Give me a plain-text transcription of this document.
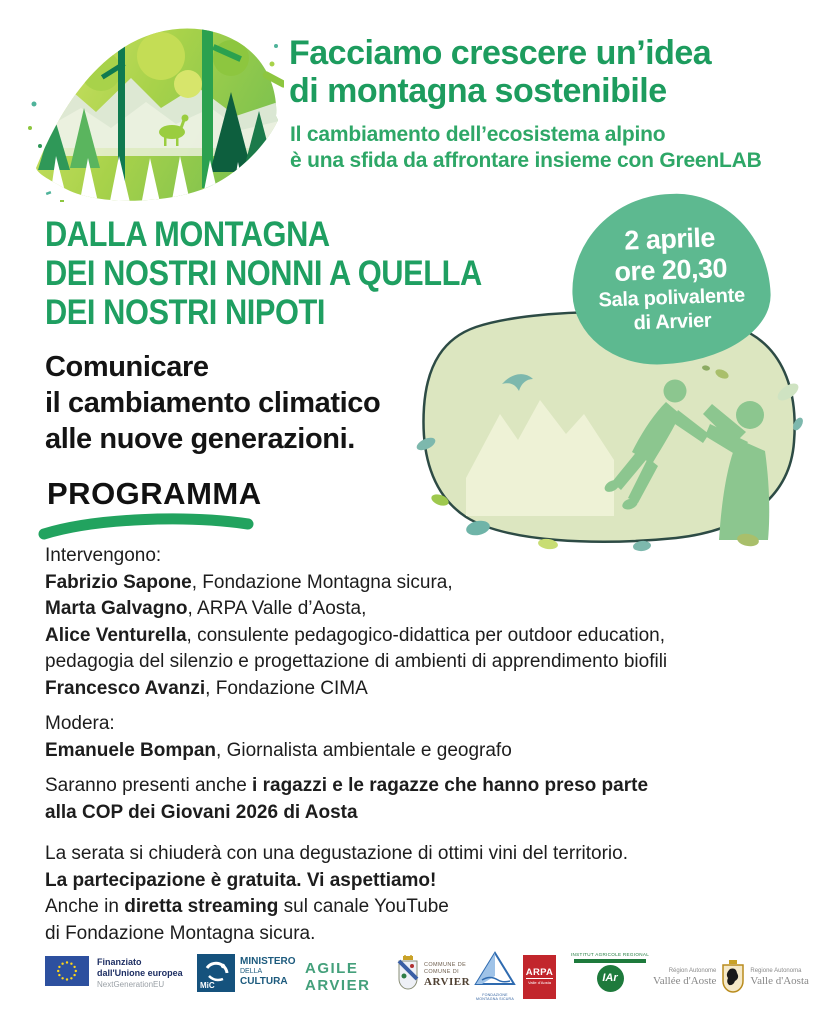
Facciamo crescere un’idea
di montagna sostenibile
Il cambiamento dell’ecosistema alpino
è una sfida da affrontare insieme con GreenLAB
DALLA MONTAGNA
DEI NOSTRI NONNI A QUELLA
DEI NOSTRI NIPOTI
Comunicare
il cambiamento climatico
alle nuove generazioni.
2 aprile
ore 20,30
Sala polivalente
di Arvier
PROGRAMMA

Intervengono:
Fabrizio Sapone, Fondazione Montagna sicura,
Marta Galvagno, ARPA Valle d’Aosta,
Alice Venturella, consulente pedagogico-didattica per outdoor education,
pedagogia del silenzio e progettazione di ambienti di apprendimento biofili
Francesco Avanzi, Fondazione CIMA

Modera:
Emanuele Bompan, Giornalista ambientale e geografo

Saranno presenti anche i ragazzi e le ragazze che hanno preso parte
alla COP dei Giovani 2026 di Aosta

La serata si chiuderà con una degustazione di ottimi vini del territorio.
La partecipazione è gratuita. Vi aspettiamo!
Anche in diretta streaming sul canale YouTube
di Fondazione Montagna sicura.

Finanziato
dall'Unione europea
NextGenerationEU	MiC
MINISTERO
DELLA
CULTURA
AGILE
ARVIER
COMMUNE DE
COMUNE DI
ARVIER
FONDAZIONE MONTAGNA SICURA
ARPA
Valle d'Aosta
INSTITUT AGRICOLE REGIONAL
IAr
Région Autonome
Vallée d'Aoste
Regione Autonoma
Valle d'Aosta
